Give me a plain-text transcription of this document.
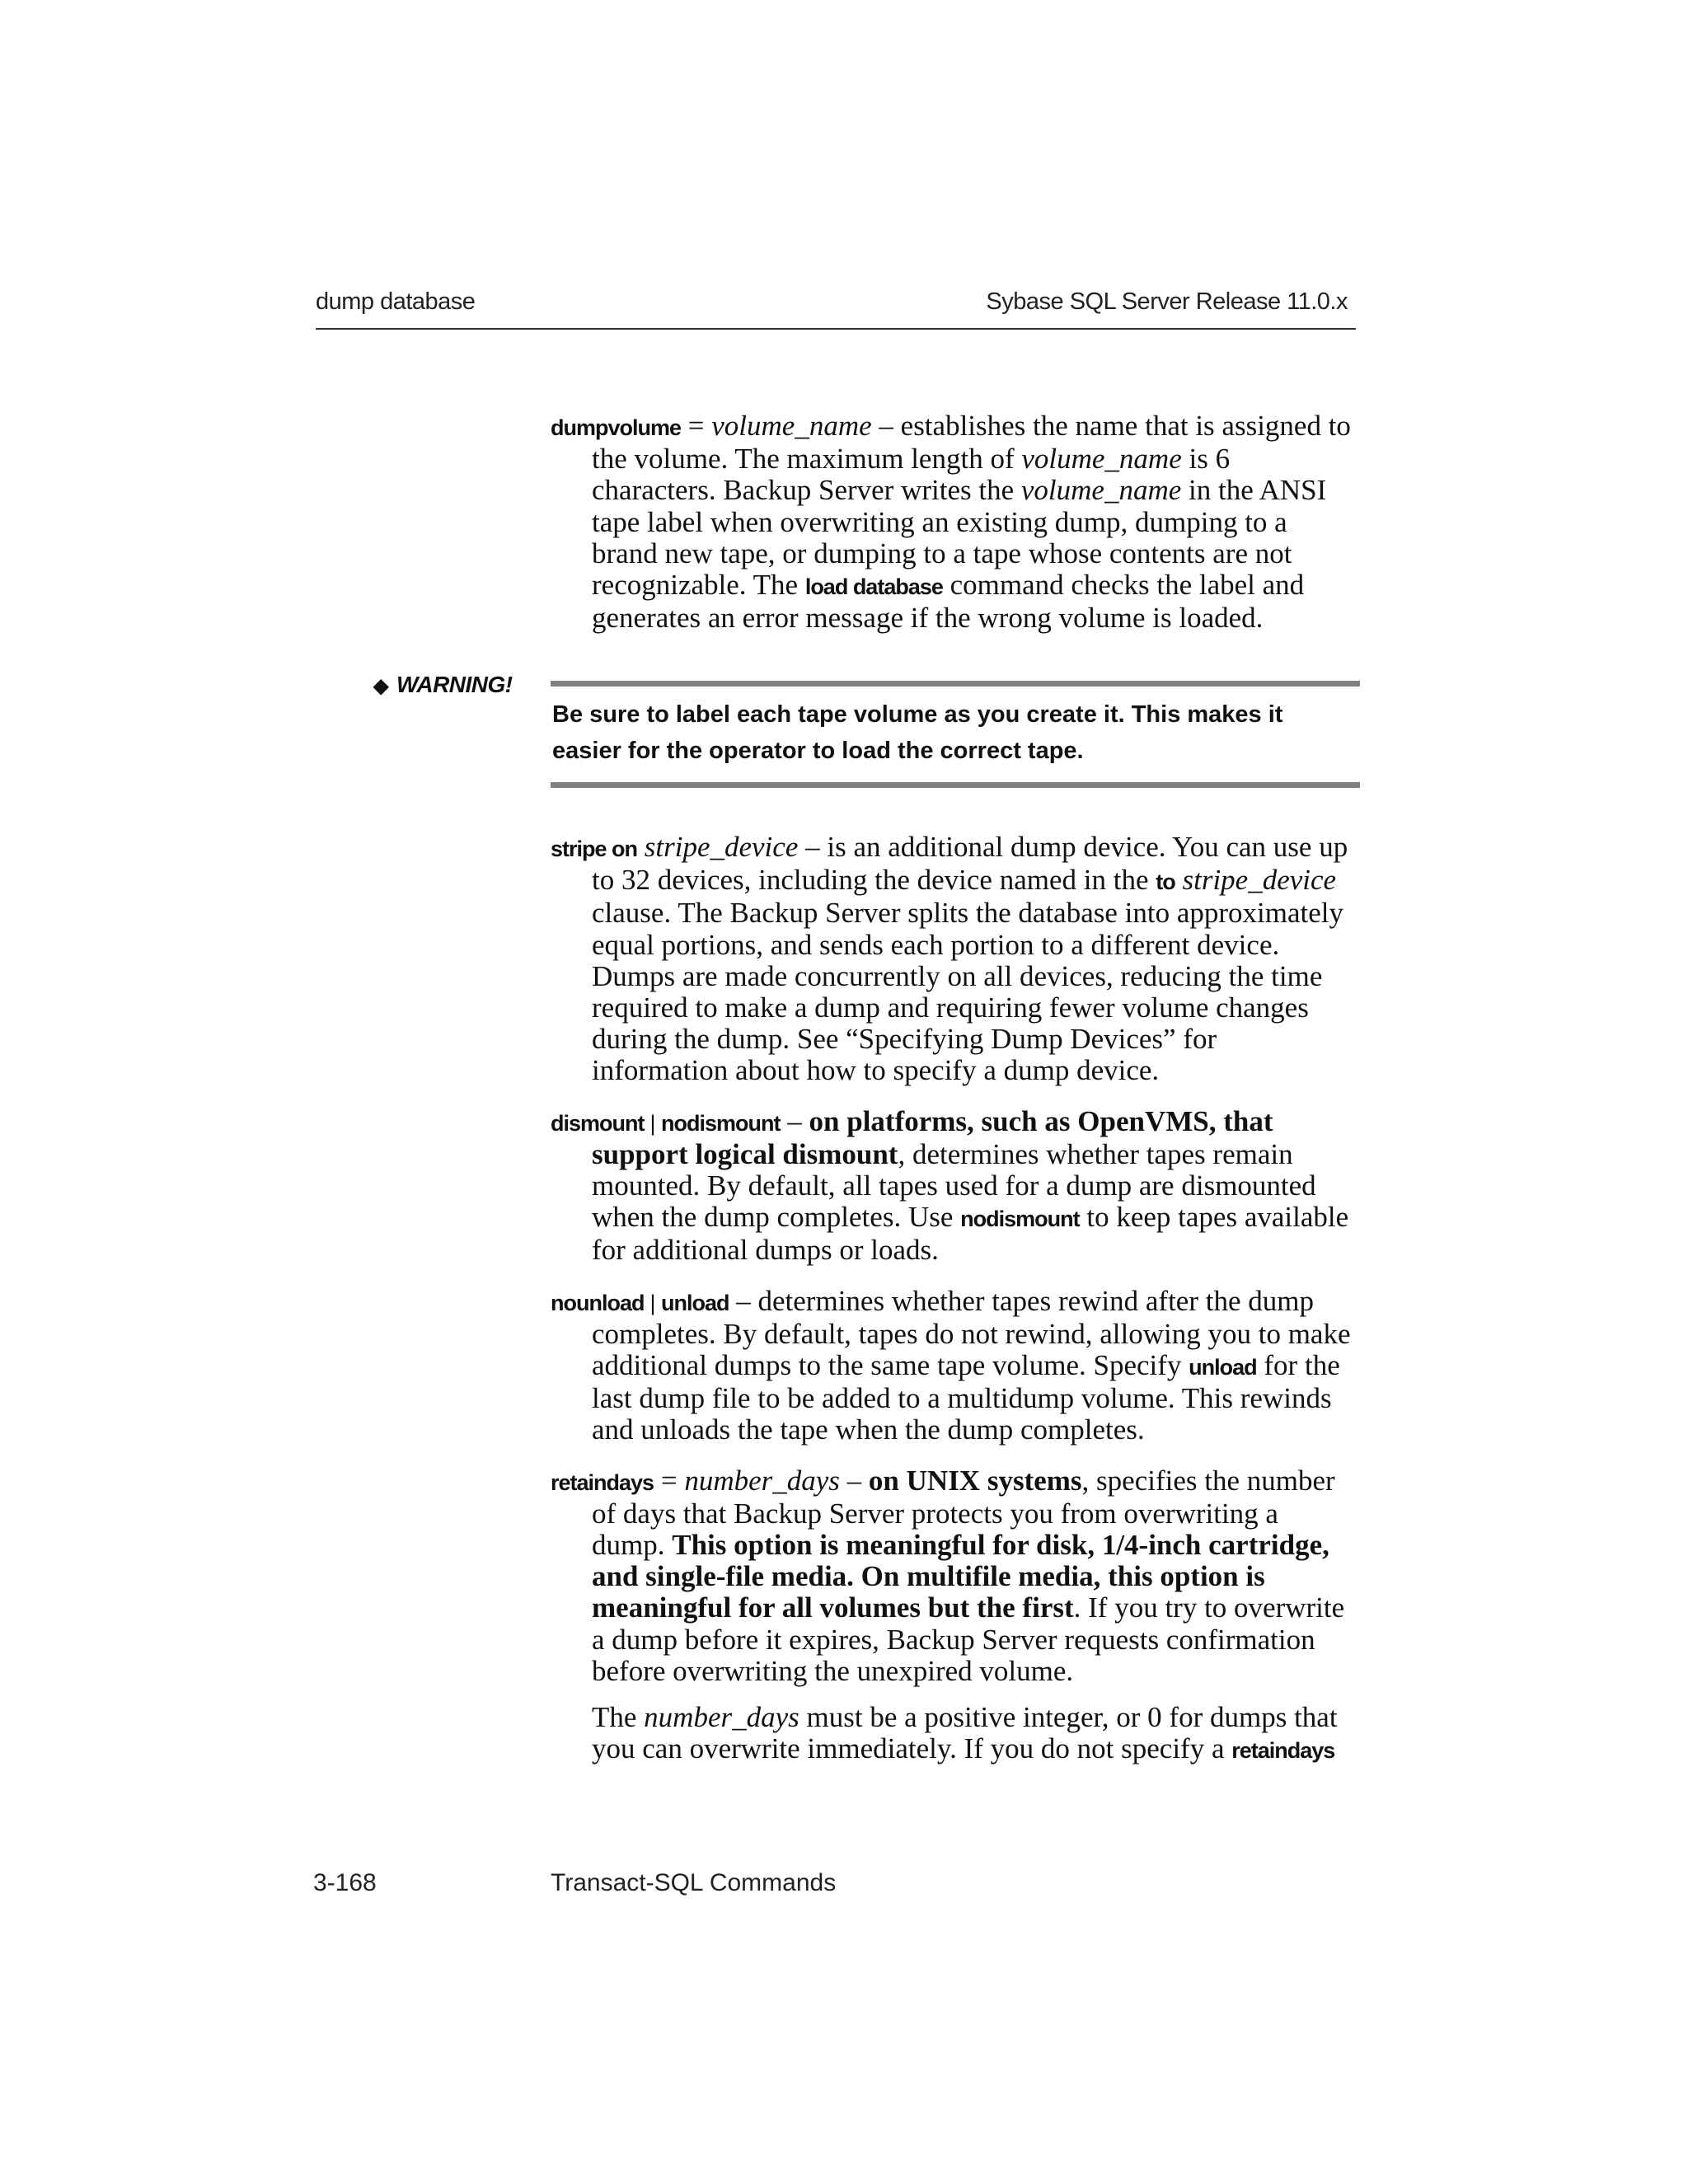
dump database	Sybase SQL Server Release 11.0.x

dumpvolume = volume_name – establishes the name that is assigned to the volume. The maximum length of volume_name is 6 characters. Backup Server writes the volume_name in the ANSI tape label when overwriting an existing dump, dumping to a brand new tape, or dumping to a tape whose contents are not recognizable. The load database command checks the label and generates an error message if the wrong volume is loaded.

◆ WARNING!
Be sure to label each tape volume as you create it. This makes it easier for the operator to load the correct tape.

stripe on stripe_device – is an additional dump device. You can use up to 32 devices, including the device named in the to stripe_device clause. The Backup Server splits the database into approximately equal portions, and sends each portion to a different device. Dumps are made concurrently on all devices, reducing the time required to make a dump and requiring fewer volume changes during the dump. See “Specifying Dump Devices” for information about how to specify a dump device.

dismount | nodismount – on platforms, such as OpenVMS, that support logical dismount, determines whether tapes remain mounted. By default, all tapes used for a dump are dismounted when the dump completes. Use nodismount to keep tapes available for additional dumps or loads.

nounload | unload – determines whether tapes rewind after the dump completes. By default, tapes do not rewind, allowing you to make additional dumps to the same tape volume. Specify unload for the last dump file to be added to a multidump volume. This rewinds and unloads the tape when the dump completes.

retaindays = number_days – on UNIX systems, specifies the number of days that Backup Server protects you from overwriting a dump. This option is meaningful for disk, 1/4-inch cartridge, and single-file media. On multifile media, this option is meaningful for all volumes but the first. If you try to overwrite a dump before it expires, Backup Server requests confirmation before overwriting the unexpired volume.

The number_days must be a positive integer, or 0 for dumps that you can overwrite immediately. If you do not specify a retaindays

3-168	Transact-SQL Commands
